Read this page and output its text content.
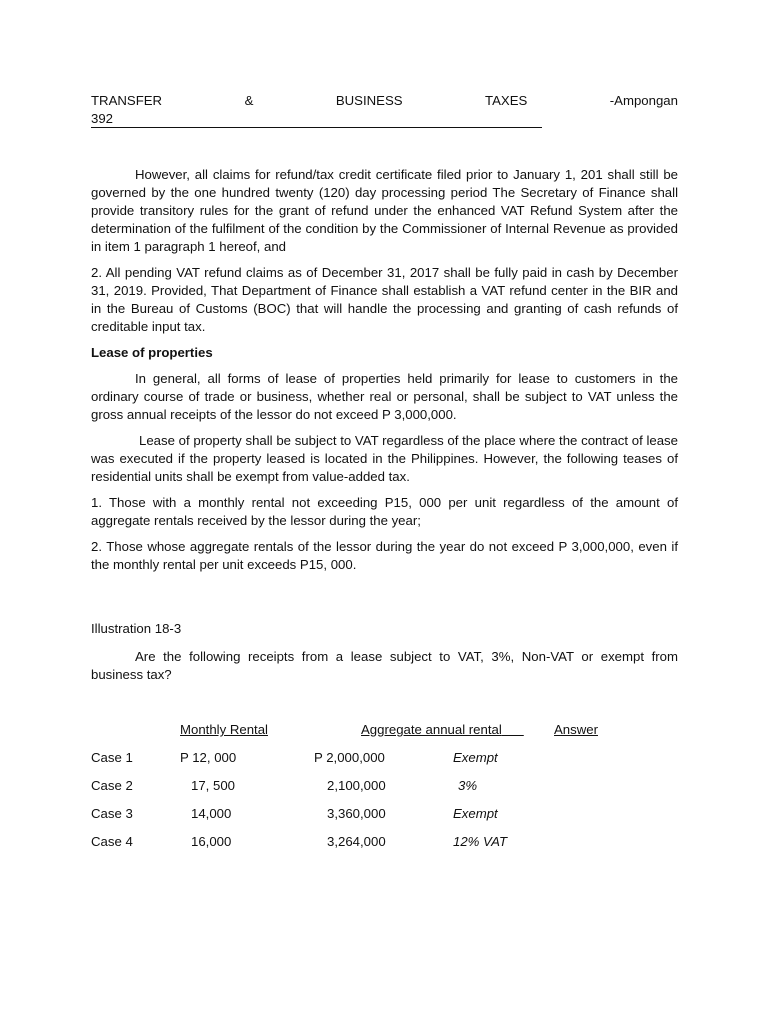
TRANSFER	&	BUSINESS	TAXES	-Ampongan
392

However, all claims for refund/tax credit certificate filed prior to January 1, 201 shall still be governed by the one hundred twenty (120) day processing period The Secretary of Finance shall provide transitory rules for the grant of refund under the enhanced VAT Refund System after the determination of the fulfilment of the condition by the Commissioner of Internal Revenue as provided in item 1 paragraph 1 hereof, and

2. All pending VAT refund claims as of December 31, 2017 shall be fully paid in cash by December 31, 2019. Provided, That Department of Finance shall establish a VAT refund center in the BIR and in the Bureau of Customs (BOC) that will handle the processing and granting of cash refunds of creditable input tax.

Lease of properties

In general, all forms of lease of properties held primarily for lease to customers in the ordinary course of trade or business, whether real or personal, shall be subject to VAT unless the gross annual receipts of the lessor do not exceed P 3,000,000.

Lease of property shall be subject to VAT regardless of the place where the contract of lease was executed if the property leased is located in the Philippines. However, the following teases of residential units shall be exempt from value-added tax.

1. Those with a monthly rental not exceeding P15, 000 per unit regardless of the amount of aggregate rentals received by the lessor during the year;

2. Those whose aggregate rentals of the lessor during the year do not exceed P 3,000,000, even if the monthly rental per unit exceeds P15, 000.

Illustration 18-3

Are the following receipts from a lease subject to VAT, 3%, Non-VAT or exempt from business tax?

	Monthly Rental	Aggregate annual rental	Answer
Case 1	P 12, 000	P 2,000,000	Exempt
Case 2	17, 500	2,100,000	3%
Case 3	14,000	3,360,000	Exempt
Case 4	16,000	3,264,000	12% VAT
